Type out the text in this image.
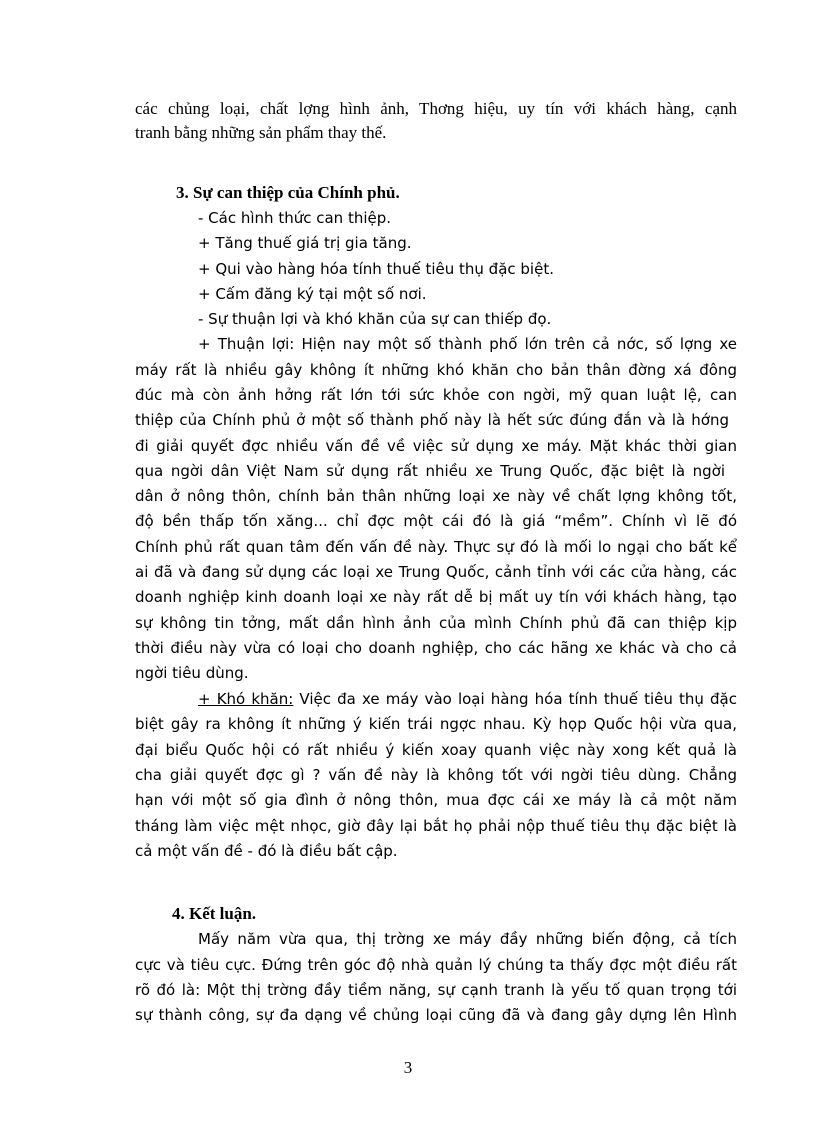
các chủng loại, chất lợng hình ảnh, Thơng hiệu, uy tín với khách hàng, cạnh
tranh bằng những sản phẩm thay thế.
3. Sự can thiệp của Chính phủ.
- Các hình thức can thiệp.
+ Tăng thuế giá trị gia tăng.
+ Qui vào hàng hóa tính thuế tiêu thụ đặc biệt.
+ Cấm đăng ký tại một số nơi.
- Sự thuận lợi và khó khăn của sự can thiếp đọ.
+ Thuận lợi: Hiện nay một số thành phố lớn trên cả nớc, số lợng xe
máy rất là nhiều gây không ít những khó khăn cho bản thân đờng xá đông
đúc mà còn ảnh hởng rất lớn tới sức khỏe con ngời, mỹ quan luật lệ, can
thiệp của Chính phủ ở một số thành phố này là hết sức đúng đắn và là hớng
đi giải quyết đợc nhiều vấn đề về việc sử dụng xe máy. Mặt khác thời gian
qua ngời dân Việt Nam sử dụng rất nhiều xe Trung Quốc, đặc biệt là ngời
dân ở nông thôn, chính bản thân những loại xe này về chất lợng không tốt,
độ bền thấp tốn xăng... chỉ đợc một cái đó là giá “mềm”. Chính vì lẽ đó
Chính phủ rất quan tâm đến vấn đề này. Thực sự đó là mối lo ngại cho bất kể
ai đã và đang sử dụng các loại xe Trung Quốc, cảnh tỉnh với các cửa hàng, các
doanh nghiệp kinh doanh loại xe này rất dễ bị mất uy tín với khách hàng, tạo
sự không tin tởng, mất dần hình ảnh của mình Chính phủ đã can thiệp kịp
thời điều này vừa có loại cho doanh nghiệp, cho các hãng xe khác và cho cả
ngời tiêu dùng.
+ Khó khăn: Việc đa xe máy vào loại hàng hóa tính thuế tiêu thụ đặc
biệt gây ra không ít những ý kiến trái ngợc nhau. Kỳ họp Quốc hội vừa qua,
đại biểu Quốc hội có rất nhiều ý kiến xoay quanh việc này xong kết quả là
cha giải quyết đợc gì ? vấn đề này là không tốt với ngời tiêu dùng. Chẳng
hạn với một số gia đình ở nông thôn, mua đợc cái xe máy là cả một năm
tháng làm việc mệt nhọc, giờ đây lại bắt họ phải nộp thuế tiêu thụ đặc biệt là
cả một vấn đề - đó là điều bất cập.
4. Kết luận.
Mấy năm vừa qua, thị trờng xe máy đầy những biến động, cả tích
cực và tiêu cực. Đứng trên góc độ nhà quản lý chúng ta thấy đợc một điều rất
rõ đó là: Một thị trờng đầy tiềm năng, sự cạnh tranh là yếu tố quan trọng tới
sự thành công, sự đa dạng về chủng loại cũng đã và đang gây dựng lên Hình
3
